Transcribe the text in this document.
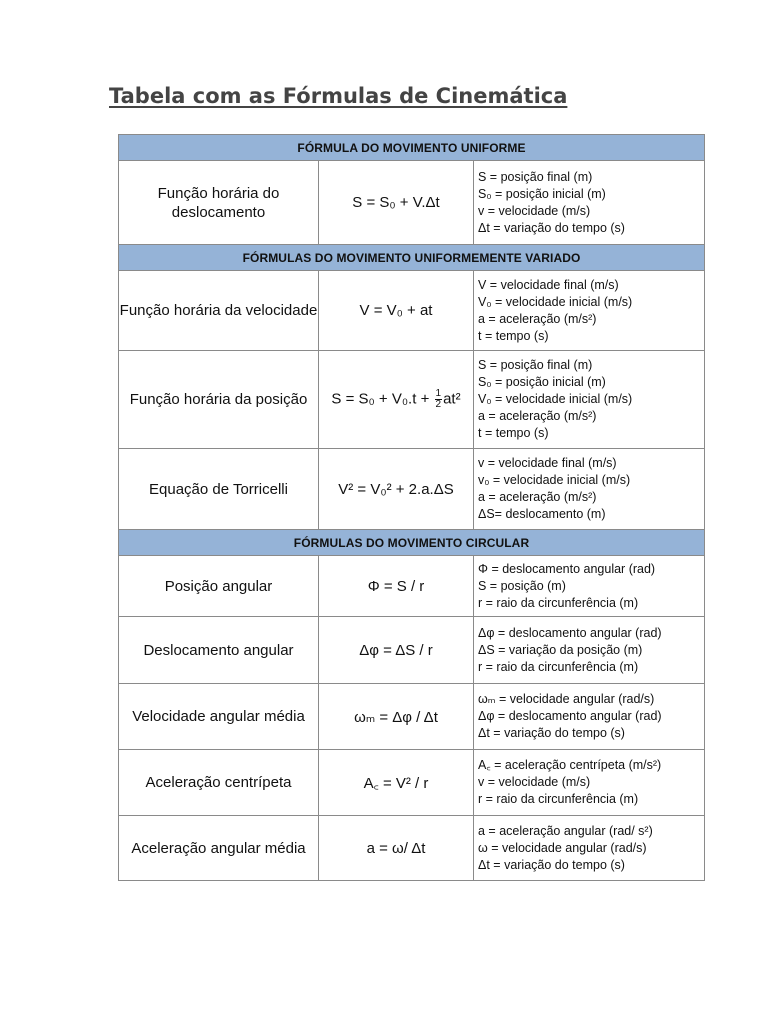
Tabela com as Fórmulas de Cinemática
FÓRMULA DO MOVIMENTO UNIFORME		
Função horária do deslocamento	S = S₀ + V.Δt	S = posição final (m)
S₀ = posição inicial (m)
v = velocidade (m/s)
Δt = variação do tempo (s)

FÓRMULAS DO MOVIMENTO UNIFORMEMENTE VARIADO		
Função horária da velocidade	V = V₀ + at	V = velocidade final (m/s)
V₀ = velocidade inicial (m/s)
a = aceleração (m/s²)
t = tempo (s)

Função horária da posição	$S = S_0 + V_0.t + \frac{1}{2} at^2$	S = posição final (m)
S₀ = posição inicial (m)
V₀ = velocidade inicial (m/s)
a = aceleração (m/s²)
t = tempo (s)

Equação de Torricelli	V² = V₀² + 2.a.ΔS	v = velocidade final (m/s)
v₀ = velocidade inicial (m/s)
a = aceleração (m/s²)
ΔS= deslocamento (m)

FÓRMULAS DO MOVIMENTO CIRCULAR		
Posição angular	Φ = S / r	Φ = deslocamento angular (rad)
S = posição (m)
r = raio da circunferência (m)

Deslocamento angular	Δφ = ΔS / r	Δφ = deslocamento angular (rad)
ΔS = variação da posição (m)
r = raio da circunferência (m)

Velocidade angular média	ωₘ = Δφ / Δt	ωₘ = velocidade angular (rad/s)
Δφ = deslocamento angular (rad)
Δt = variação do tempo (s)

Aceleração centrípeta	A꜀ = V² / r	A꜀ = aceleração centrípeta (m/s²)
v = velocidade (m/s)
r = raio da circunferência (m)

Aceleração angular média	a = ω/ Δt	a = aceleração angular (rad/ s²)
ω = velocidade angular (rad/s)
Δt = variação do tempo (s)
